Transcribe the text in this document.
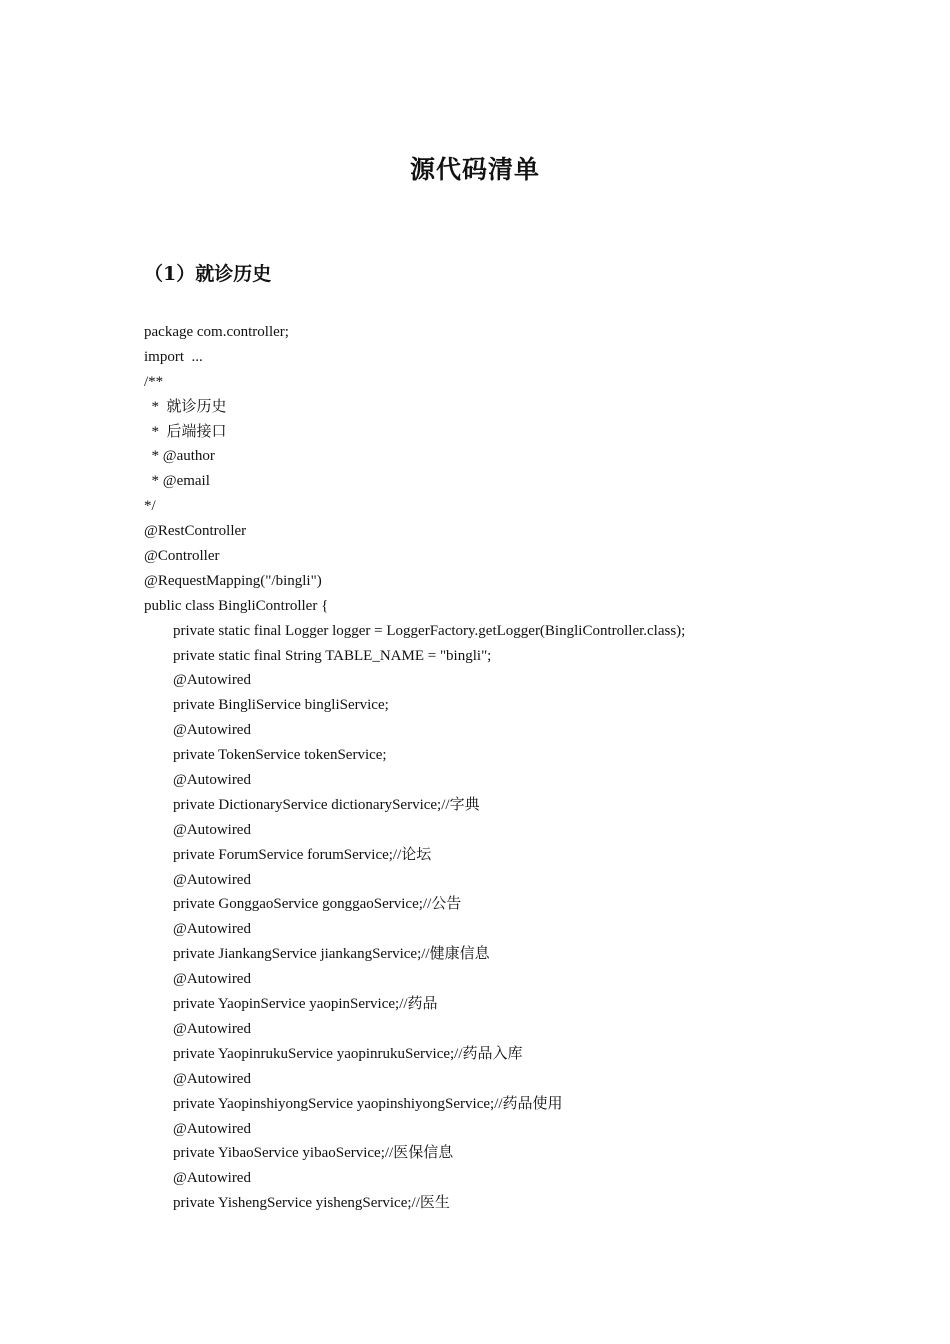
源代码清单
（1）就诊历史
package com.controller;
import  ...
/**
*  就诊历史
*  后端接口
* @author
* @email
*/
@RestController
@Controller
@RequestMapping("/bingli")
public class BingliController {
private static final Logger logger = LoggerFactory.getLogger(BingliController.class);
private static final String TABLE_NAME = "bingli";
@Autowired
private BingliService bingliService;
@Autowired
private TokenService tokenService;
@Autowired
private DictionaryService dictionaryService;//字典
@Autowired
private ForumService forumService;//论坛
@Autowired
private GonggaoService gonggaoService;//公告
@Autowired
private JiankangService jiankangService;//健康信息
@Autowired
private YaopinService yaopinService;//药品
@Autowired
private YaopinrukuService yaopinrukuService;//药品入库
@Autowired
private YaopinshiyongService yaopinshiyongService;//药品使用
@Autowired
private YibaoService yibaoService;//医保信息
@Autowired
private YishengService yishengService;//医生
